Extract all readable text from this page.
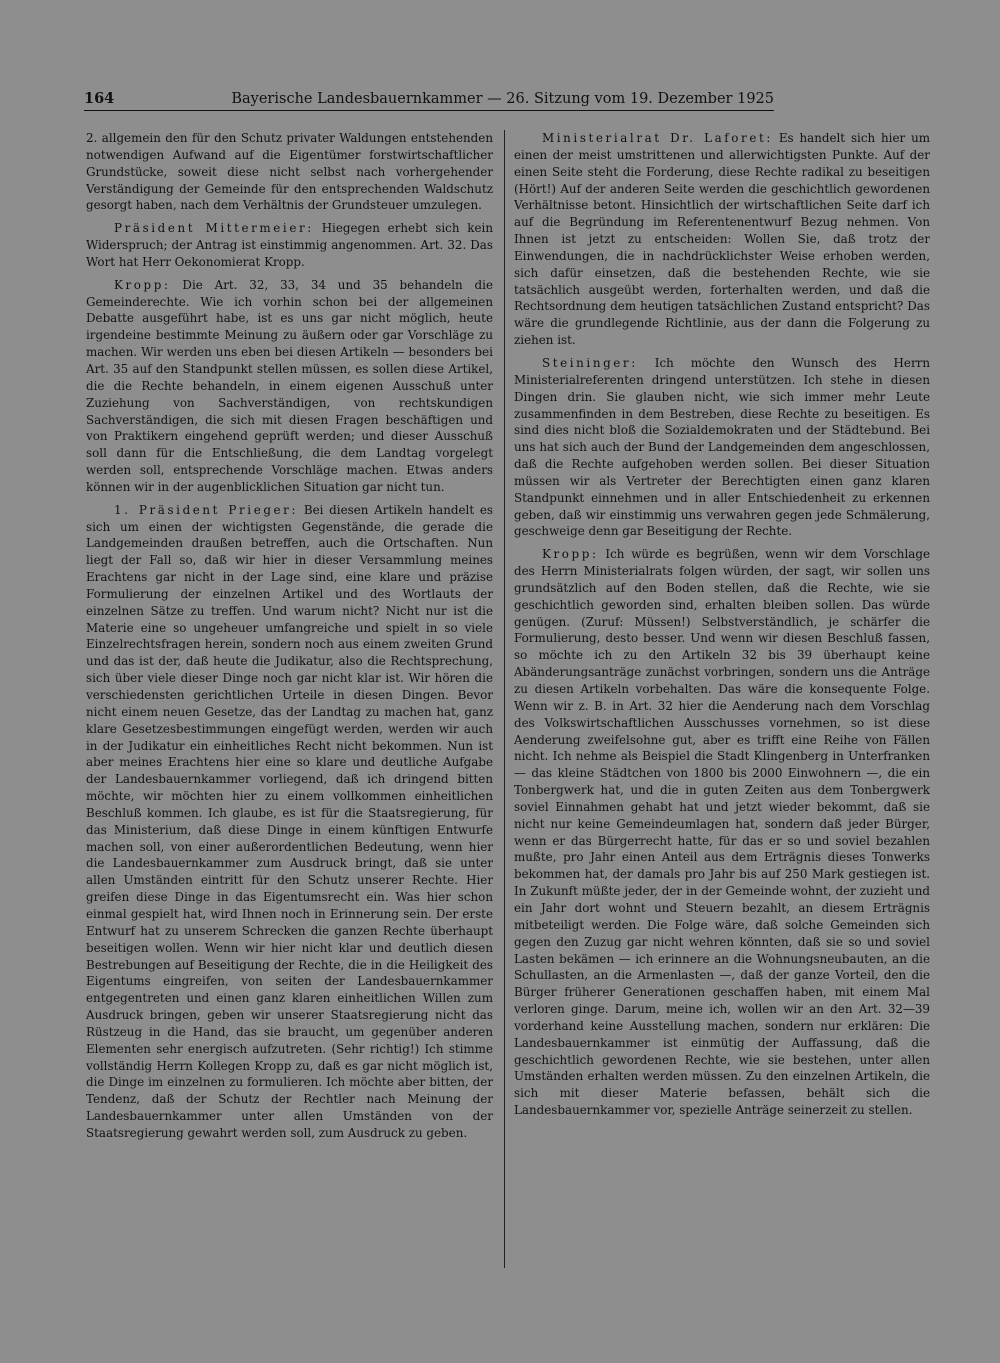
164	Bayerische Landesbauernkammer — 26. Sitzung vom 19. Dezember 1925

2. allgemein den für den Schutz privater Waldungen entstehenden notwendigen Aufwand auf die Eigentümer forstwirtschaftlicher Grundstücke, soweit diese nicht selbst nach vorhergehender Verständigung der Gemeinde für den entsprechenden Waldschutz gesorgt haben, nach dem Verhältnis der Grundsteuer umzulegen.

Präsident Mittermeier: Hiegegen erhebt sich kein Widerspruch; der Antrag ist einstimmig angenommen. Art. 32. Das Wort hat Herr Oekonomierat Kropp.

Kropp: Die Art. 32, 33, 34 und 35 behandeln die Gemeinderechte. Wie ich vorhin schon bei der allgemeinen Debatte ausgeführt habe, ist es uns gar nicht möglich, heute irgendeine bestimmte Meinung zu äußern oder gar Vorschläge zu machen. Wir werden uns eben bei diesen Artikeln — besonders bei Art. 35 auf den Standpunkt stellen müssen, es sollen diese Artikel, die die Rechte behandeln, in einem eigenen Ausschuß unter Zuziehung von Sachverständigen, von rechtskundigen Sachverständigen, die sich mit diesen Fragen beschäftigen und von Praktikern eingehend geprüft werden; und dieser Ausschuß soll dann für die Entschließung, die dem Landtag vorgelegt werden soll, entsprechende Vorschläge machen. Etwas anders können wir in der augenblicklichen Situation gar nicht tun.

1. Präsident Prieger: Bei diesen Artikeln handelt es sich um einen der wichtigsten Gegenstände, die gerade die Landgemeinden draußen betreffen, auch die Ortschaften. Nun liegt der Fall so, daß wir hier in dieser Versammlung meines Erachtens gar nicht in der Lage sind, eine klare und präzise Formulierung der einzelnen Artikel und des Wortlauts der einzelnen Sätze zu treffen. Und warum nicht? Nicht nur ist die Materie eine so ungeheuer umfangreiche und spielt in so viele Einzelrechtsfragen herein, sondern noch aus einem zweiten Grund und das ist der, daß heute die Judikatur, also die Rechtsprechung, sich über viele dieser Dinge noch gar nicht klar ist. Wir hören die verschiedensten gerichtlichen Urteile in diesen Dingen. Bevor nicht einem neuen Gesetze, das der Landtag zu machen hat, ganz klare Gesetzesbestimmungen eingefügt werden, werden wir auch in der Judikatur ein einheitliches Recht nicht bekommen. Nun ist aber meines Erachtens hier eine so klare und deutliche Aufgabe der Landesbauernkammer vorliegend, daß ich dringend bitten möchte, wir möchten hier zu einem vollkommen einheitlichen Beschluß kommen. Ich glaube, es ist für die Staatsregierung, für das Ministerium, daß diese Dinge in einem künftigen Entwurfe machen soll, von einer außerordentlichen Bedeutung, wenn hier die Landesbauernkammer zum Ausdruck bringt, daß sie unter allen Umständen eintritt für den Schutz unserer Rechte. Hier greifen diese Dinge in das Eigentumsrecht ein. Was hier schon einmal gespielt hat, wird Ihnen noch in Erinnerung sein. Der erste Entwurf hat zu unserem Schrecken die ganzen Rechte überhaupt beseitigen wollen. Wenn wir hier nicht klar und deutlich diesen Bestrebungen auf Beseitigung der Rechte, die in die Heiligkeit des Eigentums eingreifen, von seiten der Landesbauernkammer entgegentreten und einen ganz klaren einheitlichen Willen zum Ausdruck bringen, geben wir unserer Staatsregierung nicht das Rüstzeug in die Hand, das sie braucht, um gegenüber anderen Elementen sehr energisch aufzutreten. (Sehr richtig!) Ich stimme vollständig Herrn Kollegen Kropp zu, daß es gar nicht möglich ist, die Dinge im einzelnen zu formulieren. Ich möchte aber bitten, der Tendenz, daß der Schutz der Rechtler nach Meinung der Landesbauernkammer unter allen Umständen von der Staatsregierung gewahrt werden soll, zum Ausdruck zu geben.

Ministerialrat Dr. Laforet: Es handelt sich hier um einen der meist umstrittenen und allerwichtigsten Punkte. Auf der einen Seite steht die Forderung, diese Rechte radikal zu beseitigen (Hört!) Auf der anderen Seite werden die geschichtlich gewordenen Verhältnisse betont. Hinsichtlich der wirtschaftlichen Seite darf ich auf die Begründung im Referentenentwurf Bezug nehmen. Von Ihnen ist jetzt zu entscheiden: Wollen Sie, daß trotz der Einwendungen, die in nachdrücklichster Weise erhoben werden, sich dafür einsetzen, daß die bestehenden Rechte, wie sie tatsächlich ausgeübt werden, forterhalten werden, und daß die Rechtsordnung dem heutigen tatsächlichen Zustand entspricht? Das wäre die grundlegende Richtlinie, aus der dann die Folgerung zu ziehen ist.

Steininger: Ich möchte den Wunsch des Herrn Ministerialreferenten dringend unterstützen. Ich stehe in diesen Dingen drin. Sie glauben nicht, wie sich immer mehr Leute zusammenfinden in dem Bestreben, diese Rechte zu beseitigen. Es sind dies nicht bloß die Sozialdemokraten und der Städtebund. Bei uns hat sich auch der Bund der Landgemeinden dem angeschlossen, daß die Rechte aufgehoben werden sollen. Bei dieser Situation müssen wir als Vertreter der Berechtigten einen ganz klaren Standpunkt einnehmen und in aller Entschiedenheit zu erkennen geben, daß wir einstimmig uns verwahren gegen jede Schmälerung, geschweige denn gar Beseitigung der Rechte.

Kropp: Ich würde es begrüßen, wenn wir dem Vorschlage des Herrn Ministerialrats folgen würden, der sagt, wir sollen uns grundsätzlich auf den Boden stellen, daß die Rechte, wie sie geschichtlich geworden sind, erhalten bleiben sollen. Das würde genügen. (Zuruf: Müssen!) Selbstverständlich, je schärfer die Formulierung, desto besser. Und wenn wir diesen Beschluß fassen, so möchte ich zu den Artikeln 32 bis 39 überhaupt keine Abänderungsanträge zunächst vorbringen, sondern uns die Anträge zu diesen Artikeln vorbehalten. Das wäre die konsequente Folge. Wenn wir z. B. in Art. 32 hier die Aenderung nach dem Vorschlag des Volkswirtschaftlichen Ausschusses vornehmen, so ist diese Aenderung zweifelsohne gut, aber es trifft eine Reihe von Fällen nicht. Ich nehme als Beispiel die Stadt Klingenberg in Unterfranken — das kleine Städtchen von 1800 bis 2000 Einwohnern —, die ein Tonbergwerk hat, und die in guten Zeiten aus dem Tonbergwerk soviel Einnahmen gehabt hat und jetzt wieder bekommt, daß sie nicht nur keine Gemeindeumlagen hat, sondern daß jeder Bürger, wenn er das Bürgerrecht hatte, für das er so und soviel bezahlen mußte, pro Jahr einen Anteil aus dem Erträgnis dieses Tonwerks bekommen hat, der damals pro Jahr bis auf 250 Mark gestiegen ist. In Zukunft müßte jeder, der in der Gemeinde wohnt, der zuzieht und ein Jahr dort wohnt und Steuern bezahlt, an diesem Erträgnis mitbeteiligt werden. Die Folge wäre, daß solche Gemeinden sich gegen den Zuzug gar nicht wehren könnten, daß sie so und soviel Lasten bekämen — ich erinnere an die Wohnungsneubauten, an die Schullasten, an die Armenlasten —, daß der ganze Vorteil, den die Bürger früherer Generationen geschaffen haben, mit einem Mal verloren ginge. Darum, meine ich, wollen wir an den Art. 32—39 vorderhand keine Ausstellung machen, sondern nur erklären: Die Landesbauernkammer ist einmütig der Auffassung, daß die geschichtlich gewordenen Rechte, wie sie bestehen, unter allen Umständen erhalten werden müssen. Zu den einzelnen Artikeln, die sich mit dieser Materie befassen, behält sich die Landesbauernkammer vor, spezielle Anträge seinerzeit zu stellen.
